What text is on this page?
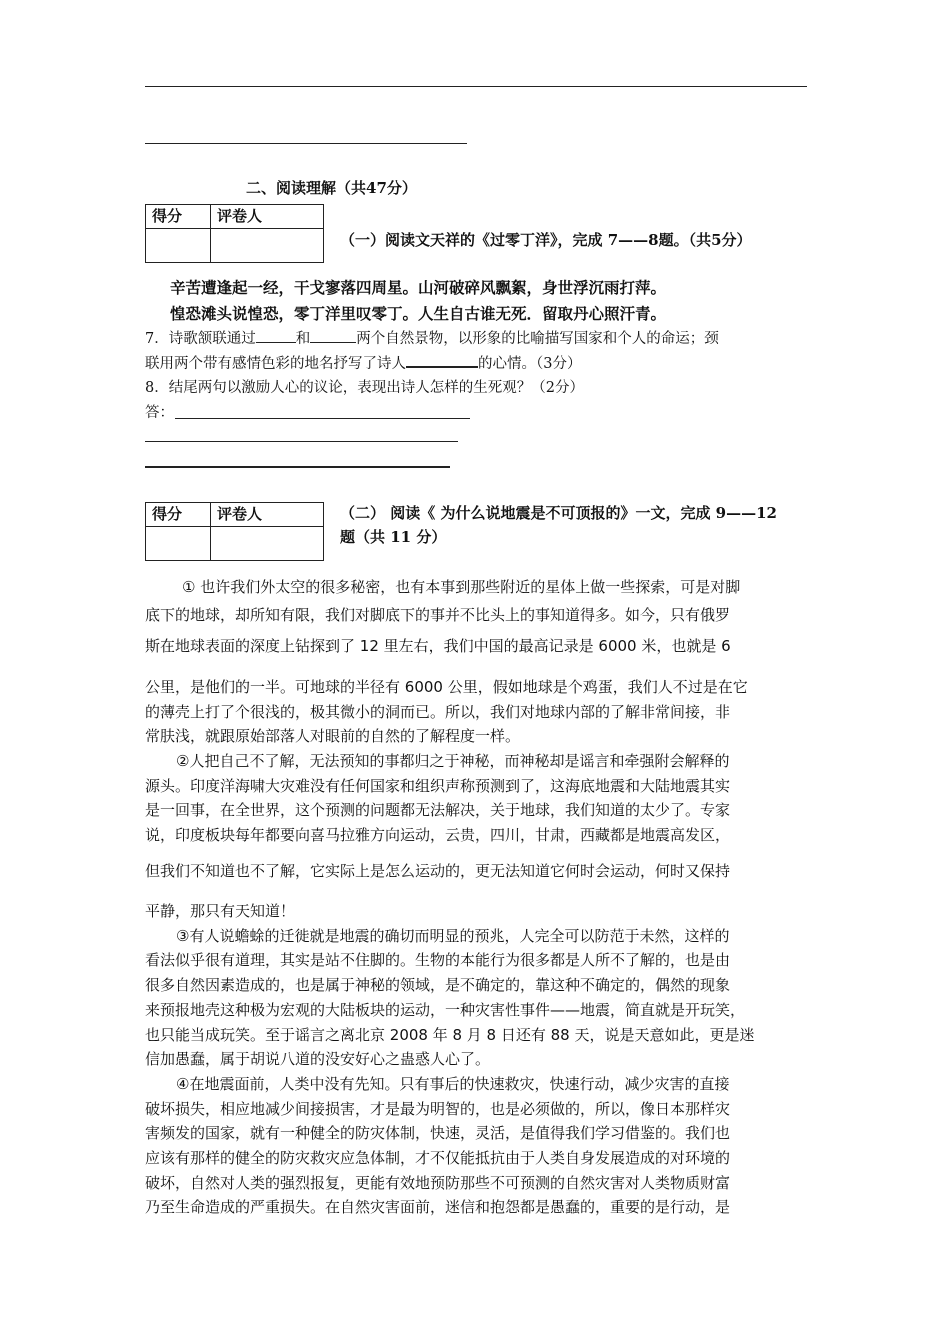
二、阅读理解（共47分）
得分	评卷人

（一）阅读文天祥的《过零丁洋》，完成 7——8题。（共5分）
辛苦遭逢起一经，干戈寥落四周星。山河破碎风飘絮，身世浮沉雨打萍。
惶恐滩头说惶恐，零丁洋里叹零丁。人生自古谁无死．留取丹心照汗青。
7．诗歌颔联通过	和	两个自然景物，以形象的比喻描写国家和个人的命运；颈
联用两个带有感情色彩的地名抒写了诗人	的心情。（3分）
8．结尾两句以激励人心的议论，表现出诗人怎样的生死观？（2分）
答：
得分	评卷人
		（二） 阅读《 为什么说地震是不可顶报的》一文，完成 9——12
题（共 11 分）
① 也许我们外太空的很多秘密，也有本事到那些附近的星体上做一些探索，可是对脚
底下的地球，却所知有限，我们对脚底下的事并不比头上的事知道得多。如今，只有俄罗
斯在地球表面的深度上钻探到了 12 里左右，我们中国的最高记录是 6000 米，也就是 6
公里，是他们的一半。可地球的半径有 6000 公里，假如地球是个鸡蛋，我们人不过是在它
的薄壳上打了个很浅的，极其微小的洞而已。所以，我们对地球内部的了解非常间接，非
常肤浅，就跟原始部落人对眼前的自然的了解程度一样。
②人把自己不了解，无法预知的事都归之于神秘，而神秘却是谣言和牵强附会解释的
源头。印度洋海啸大灾难没有任何国家和组织声称预测到了，这海底地震和大陆地震其实
是一回事，在全世界，这个预测的问题都无法解决，关于地球，我们知道的太少了。专家
说，印度板块每年都要向喜马拉雅方向运动，云贵，四川，甘肃，西藏都是地震高发区，
但我们不知道也不了解，它实际上是怎么运动的，更无法知道它何时会运动，何时又保持
平静，那只有天知道！
③有人说蟾蜍的迁徙就是地震的确切而明显的预兆，人完全可以防范于未然，这样的
看法似乎很有道理，其实是站不住脚的。生物的本能行为很多都是人所不了解的，也是由
很多自然因素造成的，也是属于神秘的领域，是不确定的，靠这种不确定的，偶然的现象
来预报地壳这种极为宏观的大陆板块的运动，一种灾害性事件——地震，简直就是开玩笑，
也只能当成玩笑。至于谣言之离北京 2008 年 8 月 8 日还有 88 天，说是天意如此，更是迷
信加愚蠢，属于胡说八道的没安好心之蛊惑人心了。
④在地震面前，人类中没有先知。只有事后的快速救灾，快速行动，减少灾害的直接
破坏损失，相应地减少间接损害，才是最为明智的，也是必须做的，所以，像日本那样灾
害频发的国家，就有一种健全的防灾体制，快速，灵活，是值得我们学习借鉴的。我们也
应该有那样的健全的防灾救灾应急体制，才不仅能抵抗由于人类自身发展造成的对环境的
破坏，自然对人类的强烈报复，更能有效地预防那些不可预测的自然灾害对人类物质财富
乃至生命造成的严重损失。在自然灾害面前，迷信和抱怨都是愚蠢的，重要的是行动，是
